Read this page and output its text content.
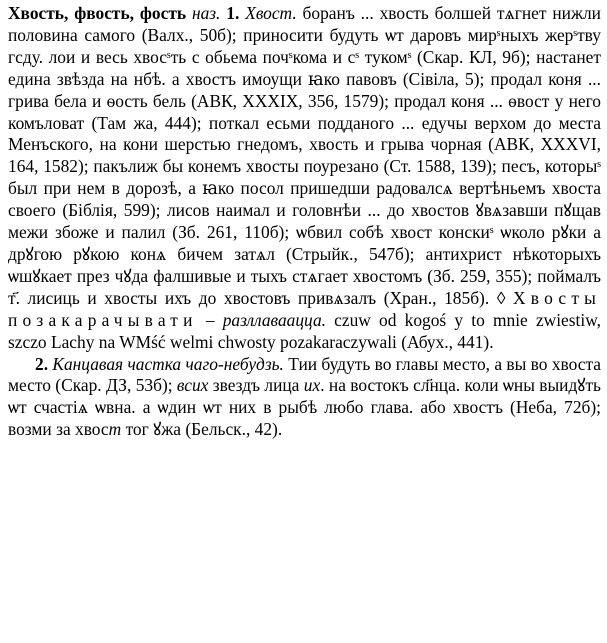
Хвость, фвость, фость наз. 1. Хвост. боранъ ... хвость болшей тѧгнет нижли половина самого (Валх., 50б); приносити будуть ѡт даровъ мирˢныхъ жерˢтву гсду. лои и весь хвосˢть с обьема почˢкома и сˢ тукомˢ (Скар. КЛ, 9б); настанет едина звѣзда на нбѣ. а хвостъ имоущи ꙗко павовъ (Сівіла, 5); продал коня ... грива бела и ѳость бель (АВК, XXXIX, 356, 1579); продал коня ... ѳвост у него комъловат (Там жа, 444); поткал есьми подданого ... едучы верхом до места Менъского, на кони шерстью гнедомъ, хвость и грыва чорная (АВК, XXXVI, 164, 1582); пакълиж бы конемъ хвосты поурезано (Ст. 1588, 139); песъ, которыˢ был при нем в дорозѣ, а ꙗко посол пришедши радовалсѧ вертѣньемъ хвоста своего (Біблія, 599); лисов наимал и головнѣи ... до хвостов ꙋвѧзавши пꙋщав межи збоже и палил (Зб. 261, 110б); ѡбвил собѣ хвост конскиˢ ѡколо рꙋки а дрꙋгою рꙋкою конѧ бичем затѧл (Стрыйк., 547б); антихрист нѣкоторыхъ ѡшꙋкает през чꙋда фалшивые и тыхъ стѧгает хвостомъ (Зб. 259, 355); поймалъ т҃. лисиць и хвосты ихъ до хвостовъ привѧзалъ (Хран., 185б). ◊ Хвосты позакарачывати – разллаваацца. czuw od kogoś y to mnie zwiestiw, szczo Lachy na WMść welmi chwosty pozakaraczywali (Абух., 441).

2. Канцавая частка чаго-небудзь. Тии будуть во главы место, а вы во хвоста место (Скар. ДЗ, 53б); всих звездъ лица их. на востокъ сл҃нца. коли ѡны выидꙋть ѡт счастіѧ ѡвна. а ѡдин ѡт них в рыбѣ любо глава. або хвостъ (Неба, 72б); возми за хвост тог ꙋжа (Бельск., 42).
